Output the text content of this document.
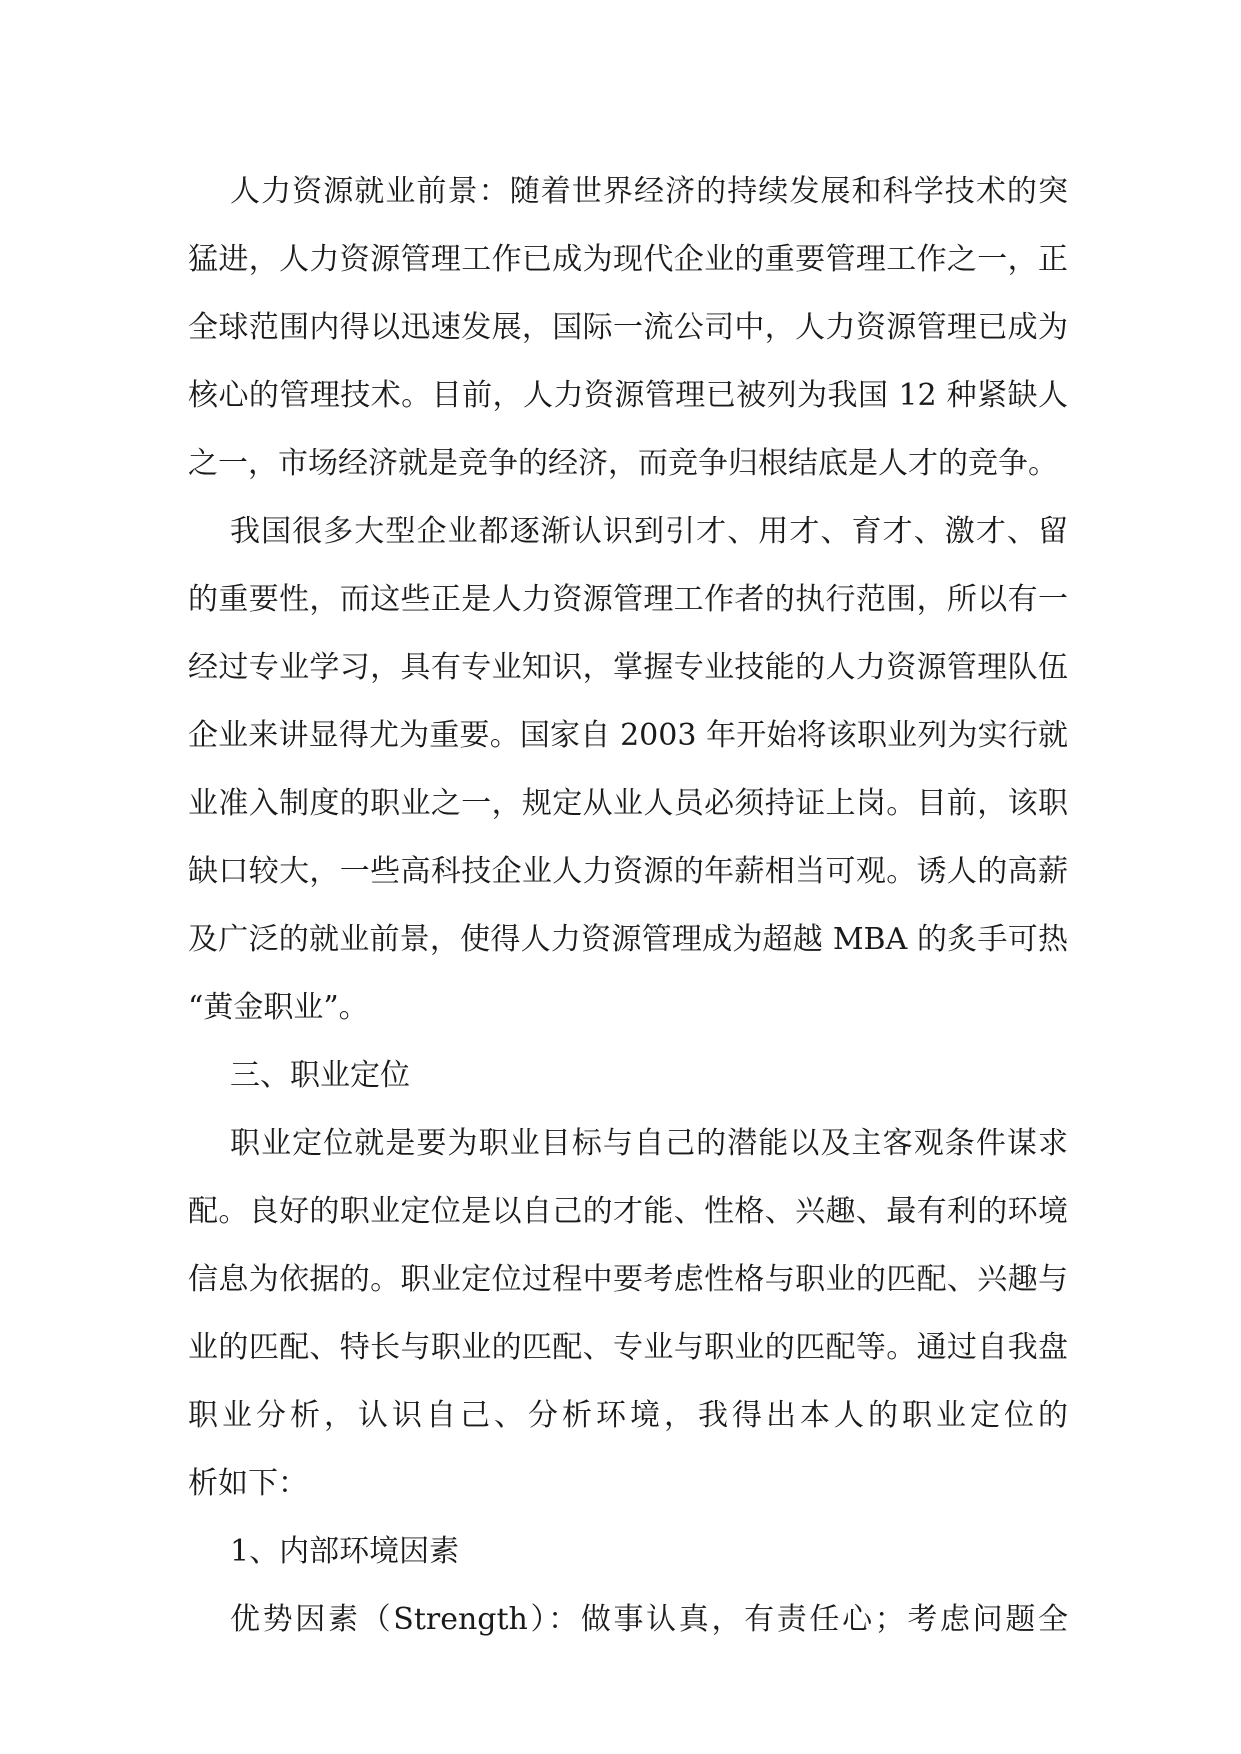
人力资源就业前景：随着世界经济的持续发展和科学技术的突
猛进，人力资源管理工作已成为现代企业的重要管理工作之一，正
全球范围内得以迅速发展，国际一流公司中，人力资源管理已成为
核心的管理技术。目前，人力资源管理已被列为我国 12 种紧缺人
之一，市场经济就是竞争的经济，而竞争归根结底是人才的竞争。
我国很多大型企业都逐渐认识到引才、用才、育才、激才、留
的重要性，而这些正是人力资源管理工作者的执行范围，所以有一
经过专业学习，具有专业知识，掌握专业技能的人力资源管理队伍
企业来讲显得尤为重要。国家自 2003 年开始将该职业列为实行就
业准入制度的职业之一，规定从业人员必须持证上岗。目前，该职
缺口较大，一些高科技企业人力资源的年薪相当可观。诱人的高薪
及广泛的就业前景，使得人力资源管理成为超越 MBA 的炙手可热
“黄金职业”。
三、职业定位
职业定位就是要为职业目标与自己的潜能以及主客观条件谋求
配。良好的职业定位是以自己的才能、性格、兴趣、最有利的环境
信息为依据的。职业定位过程中要考虑性格与职业的匹配、兴趣与
业的匹配、特长与职业的匹配、专业与职业的匹配等。通过自我盘
职业分析，认识自己、分析环境，我得出本人的职业定位的
析如下：
1、内部环境因素
优势因素（Strength）：做事认真，有责任心；考虑问题全
